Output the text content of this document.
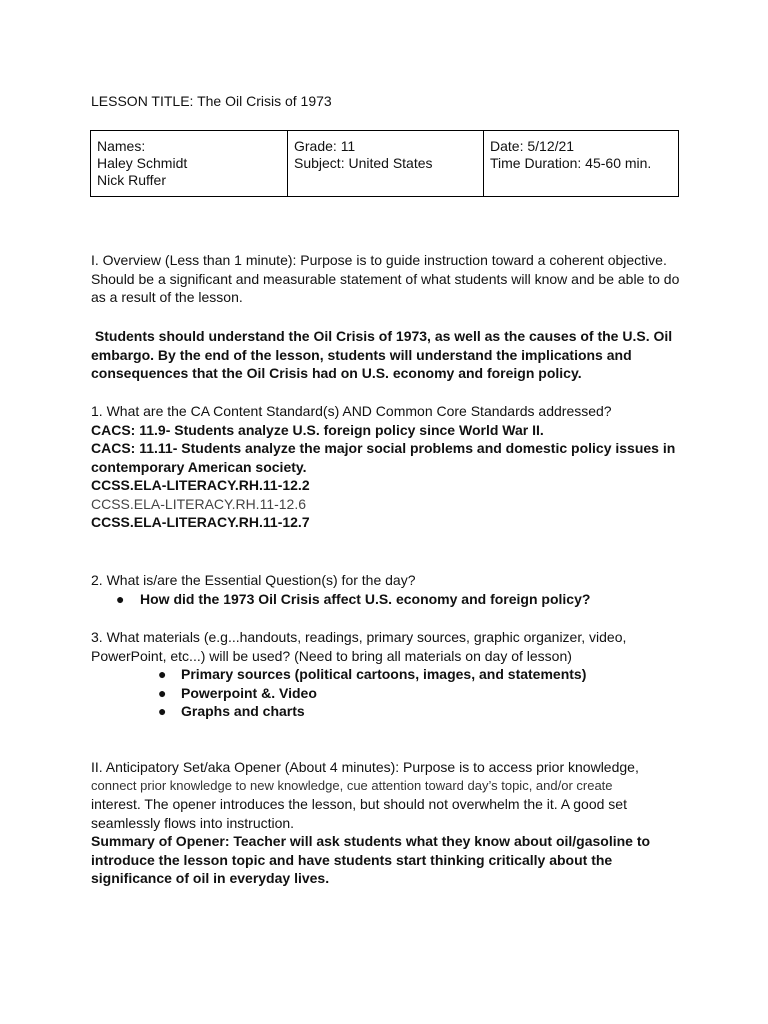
LESSON TITLE: The Oil Crisis of 1973
Names:
Haley Schmidt
Nick Ruffer

Grade: 11
Subject: United States

Date: 5/12/21
Time Duration: 45-60 min.
I. Overview (Less than 1 minute): Purpose is to guide instruction toward a coherent objective.
Should be a significant and measurable statement of what students will know and be able to do
as a result of the lesson.
Students should understand the Oil Crisis of 1973, as well as the causes of the U.S. Oil
embargo. By the end of the lesson, students will understand the implications and
consequences that the Oil Crisis had on U.S. economy and foreign policy.
1. What are the CA Content Standard(s) AND Common Core Standards addressed?
CACS: 11.9- Students analyze U.S. foreign policy since World War II.
CACS: 11.11- Students analyze the major social problems and domestic policy issues in
contemporary American society.
CCSS.ELA-LITERACY.RH.11-12.2
CCSS.ELA-LITERACY.RH.11-12.6
CCSS.ELA-LITERACY.RH.11-12.7
2. What is/are the Essential Question(s) for the day?
● How did the 1973 Oil Crisis affect U.S. economy and foreign policy?
3. What materials (e.g...handouts, readings, primary sources, graphic organizer, video,
PowerPoint, etc...) will be used? (Need to bring all materials on day of lesson)
● Primary sources (political cartoons, images, and statements)
● Powerpoint &. Video
● Graphs and charts
II. Anticipatory Set/aka Opener (About 4 minutes): Purpose is to access prior knowledge,
connect prior knowledge to new knowledge, cue attention toward day’s topic, and/or create
interest. The opener introduces the lesson, but should not overwhelm the it. A good set
seamlessly flows into instruction.
Summary of Opener: Teacher will ask students what they know about oil/gasoline to
introduce the lesson topic and have students start thinking critically about the
significance of oil in everyday lives.
